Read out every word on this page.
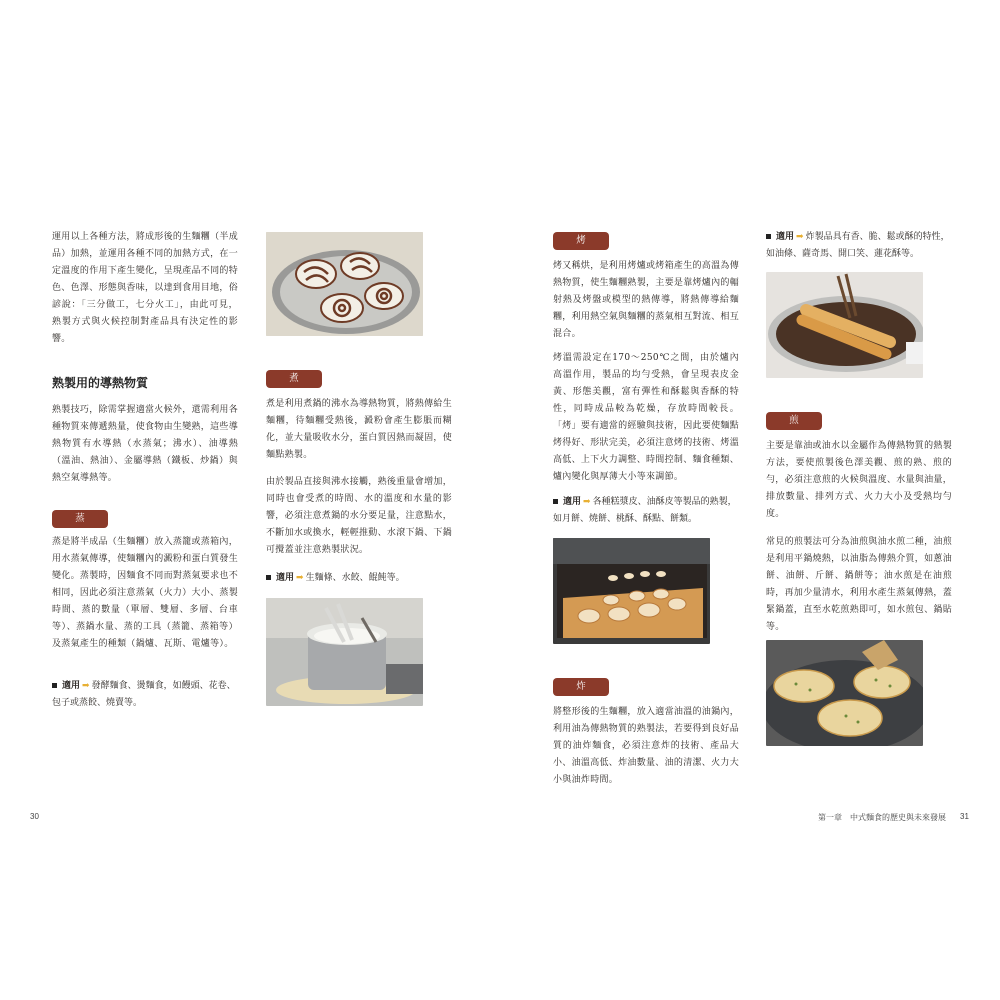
運用以上各種方法，將成形後的生麵糰（半成品）加熱，並運用各種不同的加熱方式，在一定溫度的作用下產生變化，呈現產品不同的特色、色澤、形態與香味，以達到食用目地，俗諺說：「三分做工，七分火工」，由此可見，熟製方式與火候控制對產品具有決定性的影響。

熟製用的導熱物質

熟製技巧，除需掌握適當火候外，還需利用各種物質來傳遞熱量，使食物由生變熟，這些導熱物質有水導熱（水蒸氣；沸水）、油導熱（溫油、熱油）、金屬導熱（鐵板、炒鍋）與熱空氣導熱等。

蒸

蒸是將半成品（生麵糰）放入蒸籠或蒸箱內，用水蒸氣傳導，使麵糰內的澱粉和蛋白質發生變化。蒸製時，因麵食不同而對蒸氣要求也不相同，因此必須注意蒸氣（火力）大小、蒸製時間、蒸的數量（單層、雙層、多層、台車等）、蒸鍋水量、蒸的工具（蒸籠、蒸箱等）及蒸氣產生的種類（鍋爐、瓦斯、電爐等）。

適用 ➡ 發酵麵食、燙麵食，如饅頭、花卷、包子或蒸餃、燒賣等。
煮

煮是利用煮鍋的沸水為導熱物質，將熱傳給生麵糰，待麵糰受熱後，澱粉會產生膨脹而糊化，並大量吸收水分，蛋白質因熱而凝固，使麵點熟製。

由於製品直接與沸水接觸，熟後重量會增加，同時也會受煮的時間、水的溫度和水量的影響，必須注意煮鍋的水分要足量，注意點水，不斷加水或換水，輕輕推動、水滾下鍋、下鍋可攪蓋並注意熟製狀況。

適用 ➡ 生麵條、水餃、餛飩等。
30
烤

烤又稱烘，是利用烤爐或烤箱產生的高溫為傳熱物質，使生麵糰熟製，主要是靠烤爐內的輻射熱及烤盤或模型的熱傳導，將熱傳導給麵糰，利用熱空氣與麵糰的蒸氣相互對流、相互混合。

烤溫需設定在170～250℃之間，由於爐內高溫作用，製品的均勻受熱，會呈現表皮金黃、形態美觀，富有彈性和酥鬆與香酥的特性，同時成品較為乾燥，存放時間較長。「烤」要有適當的經驗與技術，因此要使麵點烤得好、形狀完美，必須注意烤的技術、烤溫高低、上下火力調整、時間控制、麵食種類、爐內變化與厚薄大小等來調節。

適用 ➡ 各種糕漿皮、油酥皮等製品的熟製，如月餅、燒餅、桃酥、酥點、餅類。
炸

將整形後的生麵糰，放入適當油溫的油鍋內，利用油為傳熱物質的熟製法，若要得到良好品質的油炸麵食，必須注意炸的技術、產品大小、油溫高低、炸油數量、油的清潔、火力大小與油炸時間。

適用 ➡ 炸製品具有香、脆、鬆或酥的特性，如油條、薩奇馬、開口笑、蓮花酥等。
煎

主要是靠油或油水以金屬作為傳熱物質的熱製方法，要使煎製後色澤美觀、煎的熟、煎的勻，必須注意煎的火候與溫度、水量與油量，排放數量、排列方式、火力大小及受熱均勻度。

常見的煎製法可分為油煎與油水煎二種，油煎是利用平鍋燒熱，以油脂為傳熱介質，如蔥油餅、油餅、斤餅、鍋餅等；油水煎是在油煎時，再加少量清水，利用水產生蒸氣傳熱，蓋緊鍋蓋，直至水乾煎熟即可，如水煎包、鍋貼等。

第一章　中式麵食的歷史與未來發展 31
